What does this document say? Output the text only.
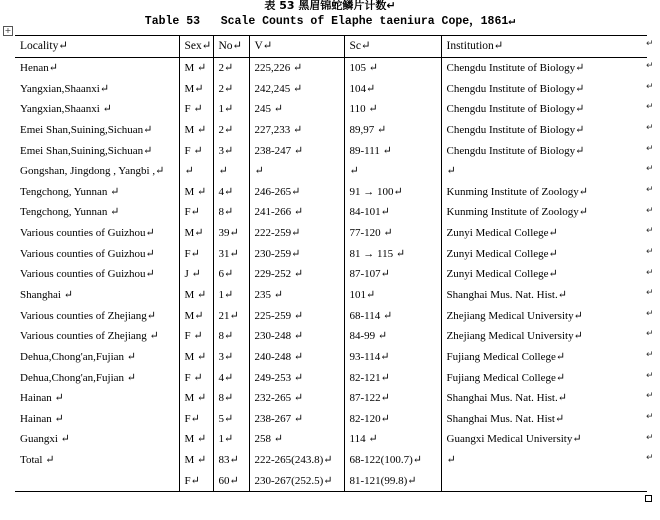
表 53 黑眉锦蛇鳞片计数↵
Table 53   Scale Counts of Elaphe taeniura Cope，1861↵
+
Locality↵	Sex↵	No↵	V↵	Sc↵	Institution↵
Henan↵	M ↵	2↵	225,226 ↵	105 ↵	Chengdu Institute of Biology↵
Yangxian,Shaanxi↵	M↵	2↵	242,245 ↵	104↵	Chengdu Institute of Biology↵
Yangxian,Shaanxi ↵	F ↵	1↵	245 ↵	110 ↵	Chengdu Institute of Biology↵
Emei Shan,Suining,Sichuan↵	M ↵	2↵	227,233 ↵	89,97 ↵	Chengdu Institute of Biology↵
Emei Shan,Suining,Sichuan↵	F ↵	3↵	238-247 ↵	89-111 ↵	Chengdu Institute of Biology↵
Gongshan, Jingdong , Yangbi ,↵	↵	↵	↵	↵	↵
Tengchong, Yunnan ↵	M ↵	4↵	246-265↵	91 → 100↵	Kunming Institute of Zoology↵
Tengchong, Yunnan ↵	F↵	8↵	241-266 ↵	84-101↵	Kunming Institute of Zoology↵
Various counties of Guizhou↵	M↵	39↵	222-259↵	77-120 ↵	Zunyi Medical College↵
Various counties of Guizhou↵	F↵	31↵	230-259↵	81 → 115 ↵	Zunyi Medical College↵
Various counties of Guizhou↵	J ↵	6↵	229-252 ↵	87-107↵	Zunyi Medical College↵
Shanghai ↵	M ↵	1↵	235 ↵	101↵	Shanghai Mus. Nat. Hist.↵
Various counties of Zhejiang↵	M↵	21↵	225-259 ↵	68-114 ↵	Zhejiang Medical University↵
Various counties of Zhejiang ↵	F ↵	8↵	230-248 ↵	84-99 ↵	Zhejiang Medical University↵
Dehua,Chong'an,Fujian ↵	M ↵	3↵	240-248 ↵	93-114↵	Fujiang Medical College↵
Dehua,Chong'an,Fujian ↵	F ↵	4↵	249-253 ↵	82-121↵	Fujiang Medical College↵
Hainan ↵	M ↵	8↵	232-265 ↵	87-122↵	Shanghai Mus. Nat. Hist.↵
Hainan ↵	F↵	5↵	238-267 ↵	82-120↵	Shanghai Mus. Nat. Hist↵
Guangxi ↵	M ↵	1↵	258 ↵	114 ↵	Guangxi Medical University↵
Total ↵	M ↵	83↵	222-265(243.8)↵	68-122(100.7)↵	↵
	F↵	60↵	230-267(252.5)↵	81-121(99.8)↵	
↵
↵
↵
↵
↵
↵
↵
↵
↵
↵
↵
↵
↵
↵
↵
↵
↵
↵
↵
↵
↵
